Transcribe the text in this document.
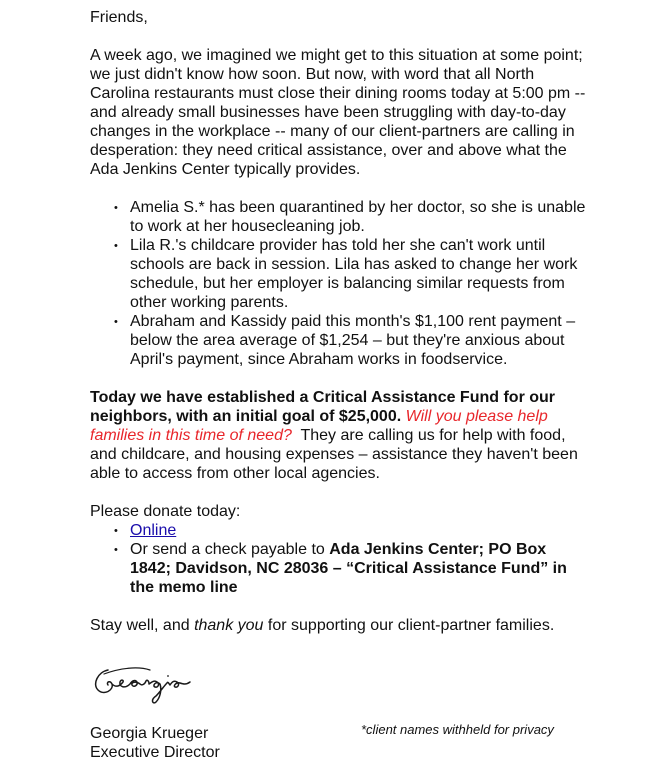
Friends,

A week ago, we imagined we might get to this situation at some point; we just didn't know how soon. But now, with word that all North Carolina restaurants must close their dining rooms today at 5:00 pm -- and already small businesses have been struggling with day-to-day changes in the workplace -- many of our client-partners are calling in desperation: they need critical assistance, over and above what the Ada Jenkins Center typically provides.

• Amelia S.* has been quarantined by her doctor, so she is unable to work at her housecleaning job.
• Lila R.'s childcare provider has told her she can't work until schools are back in session. Lila has asked to change her work schedule, but her employer is balancing similar requests from other working parents.
• Abraham and Kassidy paid this month's $1,100 rent payment – below the area average of $1,254 – but they're anxious about April's payment, since Abraham works in foodservice.

Today we have established a Critical Assistance Fund for our neighbors, with an initial goal of $25,000. Will you please help families in this time of need? They are calling us for help with food, and childcare, and housing expenses – assistance they haven't been able to access from other local agencies.

Please donate today:

• Online
• Or send a check payable to Ada Jenkins Center; PO Box 1842; Davidson, NC 28036 – “Critical Assistance Fund” in the memo line

Stay well, and thank you for supporting our client-partner families.

Georgia Krueger

Executive Director

*client names withheld for privacy
